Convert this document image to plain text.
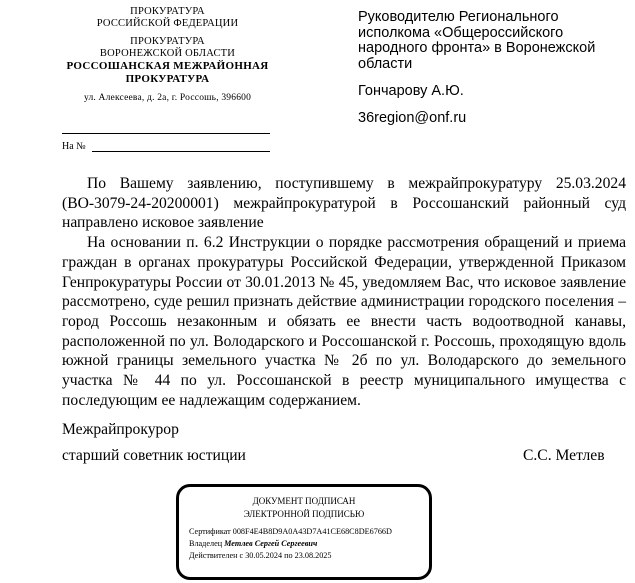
ПРОКУРАТУРА
РОССИЙСКОЙ ФЕДЕРАЦИИ
ПРОКУРАТУРА
ВОРОНЕЖСКОЙ ОБЛАСТИ
РОССОШАНСКАЯ МЕЖРАЙОННАЯ
ПРОКУРАТУРА
ул. Алексеева, д. 2а, г. Россошь, 396600
На №
Руководителю Регионального
исполкома «Общероссийского
народного фронта» в Воронежской
области
Гончарову А.Ю.
36region@onf.ru

По Вашему заявлению, поступившему в межрайпрокуратуру 25.03.2024 (ВО-3079-24-20200001) межрайпрокуратурой в Россошанский районный суд направлено исковое заявление

На основании п. 6.2 Инструкции о порядке рассмотрения обращений и приема граждан в органах прокуратуры Российской Федерации, утвержденной Приказом Генпрокуратуры России от 30.01.2013 № 45, уведомляем Вас, что исковое заявление рассмотрено, суде решил признать действие администрации городского поселения – город Россошь незаконным и обязать ее внести часть водоотводной канавы, расположенной по ул. Володарского и Россошанской г. Россошь, проходящую вдоль южной границы земельного участка № 2б по ул. Володарского до земельного участка № 44 по ул. Россошанской в реестр муниципального имущества с последующим ее надлежащим содержанием.

Межрайпрокурор
старший советник юстиции	С.С. Метлев
ДОКУМЕНТ ПОДПИСАН
ЭЛЕКТРОННОЙ ПОДПИСЬЮ
Сертификат 008F4E4B8D9A0A43D7A41CE68C8DE6766D
Владелец Метлев Сергей Сергеевич
Действителен с 30.05.2024 по 23.08.2025
